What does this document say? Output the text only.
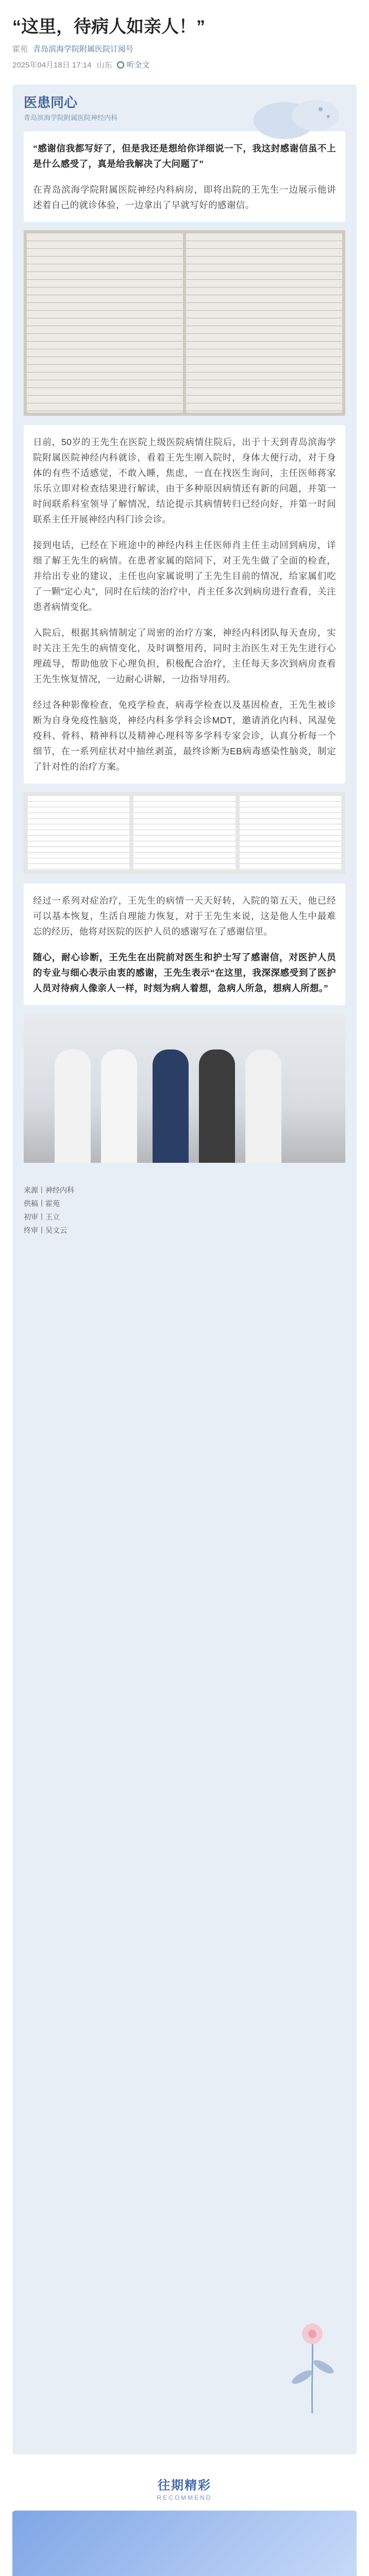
“这里，待病人如亲人！”
霍苑 青岛滨海学院附属医院订阅号
2025年04月18日 17:14 山东 听全文
医患同心
青岛滨海学院附属医院神经内科

“感谢信我都写好了，但是我还是想给你详细说一下，我这封感谢信虽不上是什么感受了，真是给我解决了大问题了”

在青岛滨海学院附属医院神经内科病房，即将出院的王先生一边展示他讲述着自己的就诊体验，一边拿出了早就写好的感谢信。

日前，50岁的王先生在医院上级医院病情住院后，出于十天到青岛滨海学院附属医院神经内科就诊，看着王先生刚入院时，身体大便行动，对于身体的有些不适感觉，不敢入睡，焦虑，一直在找医生询问，主任医师蒋家乐乐立即对检查结果进行解读，由于多种原因病情还有新的问题，并第一时间联系科室领导了解情况，结论提示其病情转归已经向好，并第一时间联系主任开展神经内科门诊会诊。

接到电话，已经在下班途中的神经内科主任医师肖主任主动回到病房，详细了解王先生的病情。在患者家属的陪同下，对王先生做了全面的检查，并给出专业的建议，主任也向家属说明了王先生目前的情况，给家属们吃了一颗“定心丸”，同时在后续的治疗中，肖主任多次到病房进行查看，关注患者病情变化。

入院后，根据其病情制定了周密的治疗方案，神经内科团队每天查房，实时关注王先生的病情变化，及时调整用药，同时主治医生对王先生进行心理疏导，帮助他放下心理负担，积极配合治疗，主任每天多次到病房查看王先生恢复情况，一边耐心讲解，一边指导用药。

经过各种影像检查，免疫学检查，病毒学检查以及基因检查，王先生被诊断为自身免疫性脑炎，神经内科多学科会诊MDT，邀请消化内科、风湿免疫科、骨科、精神科以及精神心理科等多学科专家会诊，认真分析每一个细节，在一系列症状对中抽丝剥茧，最终诊断为EB病毒感染性脑炎，制定了针对性的治疗方案。

经过一系列对症治疗，王先生的病情一天天好转，入院的第五天，他已经可以基本恢复，生活自理能力恢复，对于王先生来说，这是他人生中最难忘的经历，他将对医院的医护人员的感谢写在了感谢信里。

随心，耐心诊断，王先生在出院前对医生和护士写了感谢信，对医护人员的专业与细心表示由衷的感谢，王先生表示“在这里，我深深感受到了医护人员对待病人像亲人一样，时刻为病人着想，急病人所急，想病人所想。”

来源丨神经内科
供稿丨霍苑
初审丨王立
终审丨吴文云
往期精彩
RECOMMEND
